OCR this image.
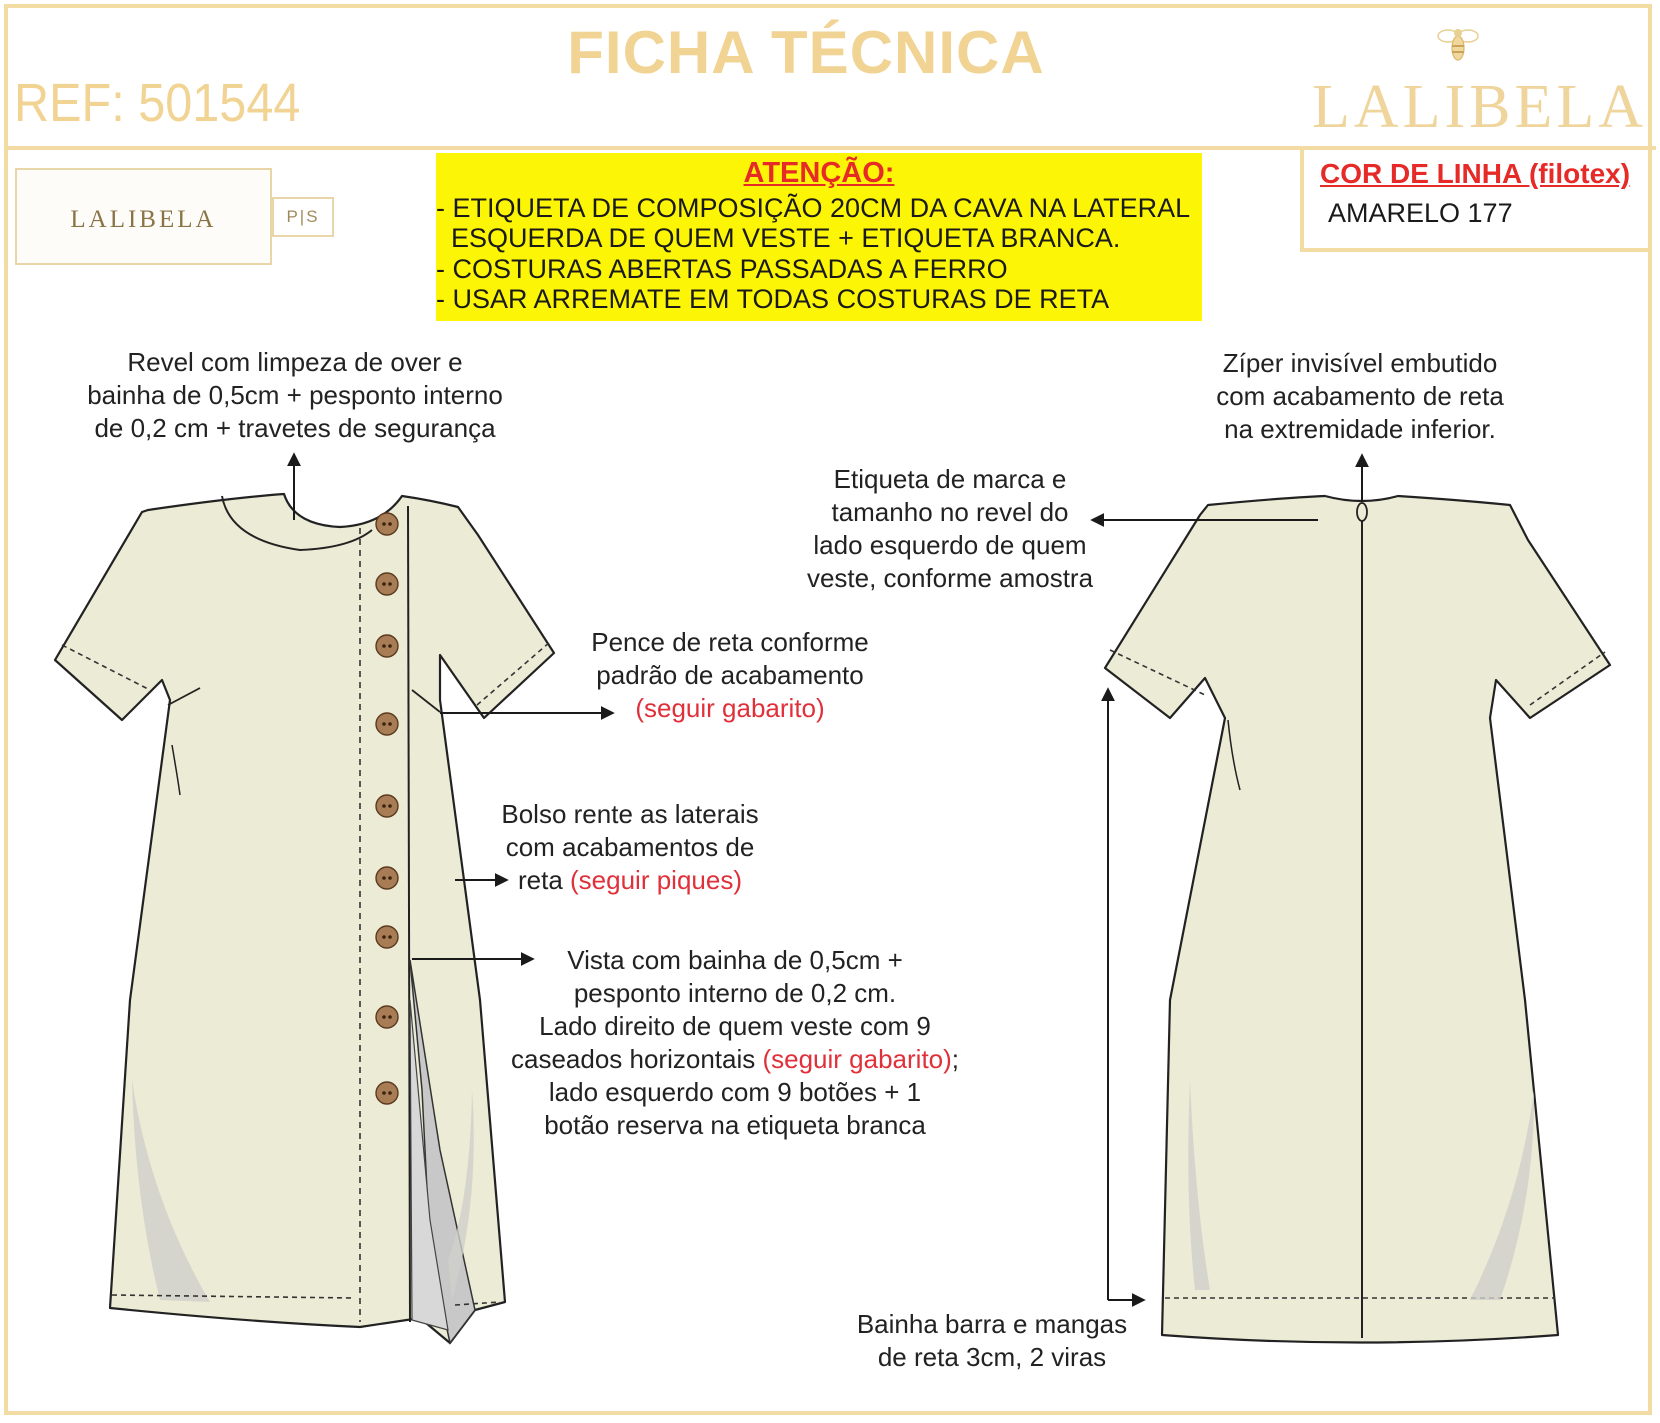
FICHA TÉCNICA
REF: 501544	LALIBELA
LALIBELA	P|S
ATENÇÃO:
- ETIQUETA DE COMPOSIÇÃO 20CM DA CAVA NA LATERAL
ESQUERDA DE QUEM VESTE + ETIQUETA BRANCA.
- COSTURAS ABERTAS PASSADAS A FERRO
- USAR ARREMATE EM TODAS COSTURAS DE RETA
COR DE LINHA (filotex)
AMARELO 177
Revel com limpeza de over e
bainha de 0,5cm + pesponto interno
de 0,2 cm + travetes de segurança
Pence de reta conforme
padrão de acabamento
(seguir gabarito)
Bolso rente as laterais
com acabamentos de
reta (seguir piques)
Vista com bainha de 0,5cm +
pesponto interno de 0,2 cm.
Lado direito de quem veste com 9
caseados horizontais (seguir gabarito);
lado esquerdo com 9 botões + 1
botão reserva na etiqueta branca
Zíper invisível embutido
com acabamento de reta
na extremidade inferior.
Etiqueta de marca e
tamanho no revel do
lado esquerdo de quem
veste, conforme amostra
Bainha barra e mangas
de reta 3cm, 2 viras
